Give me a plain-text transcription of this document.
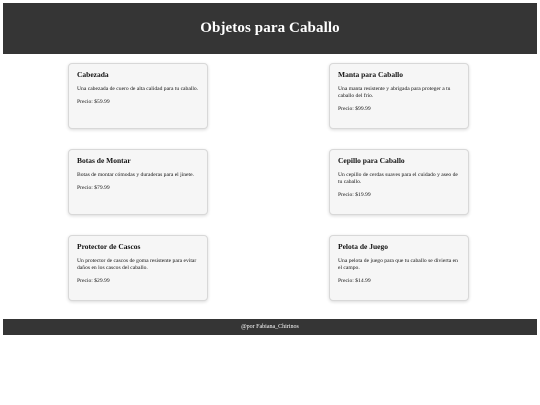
Objetos para Caballo
Cabezada

Una cabezada de cuero de alta calidad para tu caballo.

Precio: $59.99

Manta para Caballo

Una manta resistente y abrigada para proteger a tu caballo del frío.

Precio: $99.99

Botas de Montar

Botas de montar cómodas y duraderas para el jinete.

Precio: $79.99

Cepillo para Caballo

Un cepillo de cerdas suaves para el cuidado y aseo de tu caballo.

Precio: $19.99

Protector de Cascos

Un protector de cascos de goma resistente para evitar daños en los cascos del caballo.

Precio: $29.99

Pelota de Juego

Una pelota de juego para que tu caballo se divierta en el campo.

Precio: $14.99

@por Fabiana_Chirinos
